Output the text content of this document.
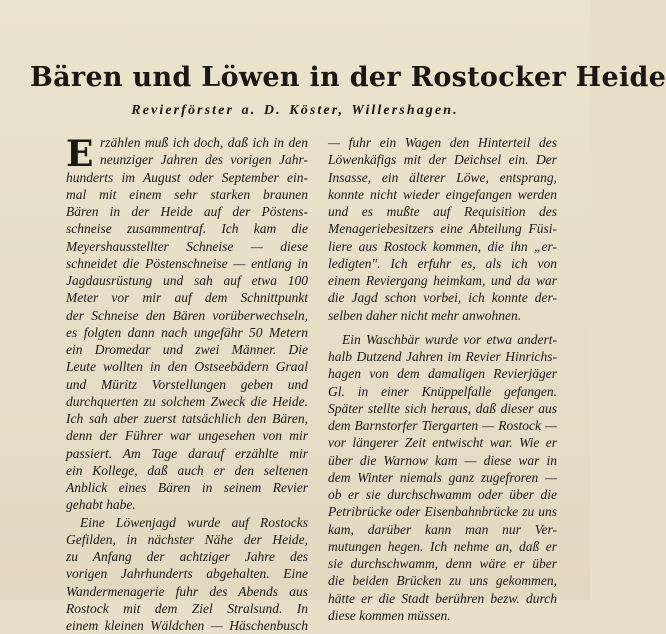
Bären und Löwen in der Rostocker Heide
Revierförster a. D. Köster, Willershagen.
E rzählen muß ich doch, daß ich in den
neunziger Jahren des vorigen Jahr-
hunderts im August oder September ein-
mal mit einem sehr starken braunen
Bären in der Heide auf der Pöstens-
schneise zusammentraf. Ich kam die
Meyershausstellter Schneise — diese
schneidet die Pöstenschneise — entlang in
Jagdausrüstung und sah auf etwa 100
Meter vor mir auf dem Schnittpunkt
der Schneise den Bären vorüberwechseln,
es folgten dann nach ungefähr 50 Metern
ein Dromedar und zwei Männer. Die
Leute wollten in den Ostseebädern Graal
und Müritz Vorstellungen geben und
durchquerten zu solchem Zweck die Heide.
Ich sah aber zuerst tatsächlich den Bären,
denn der Führer war ungesehen von mir
passiert. Am Tage darauf erzählte mir
ein Kollege, daß auch er den seltenen
Anblick eines Bären in seinem Revier
gehabt habe.
Eine Löwenjagd wurde auf Rostocks
Gefilden, in nächster Nähe der Heide,
zu Anfang der achtziger Jahre des
vorigen Jahrhunderts abgehalten. Eine
Wandermenagerie fuhr des Abends aus
Rostock mit dem Ziel Stralsund. In
einem kleinen Wäldchen — Häschenbusch
— fuhr ein Wagen den Hinterteil des
Löwenkäfigs mit der Deichsel ein. Der
Insasse, ein älterer Löwe, entsprang,
konnte nicht wieder eingefangen werden
und es mußte auf Requisition des
Menageriebesitzers eine Abteilung Füsi-
liere aus Rostock kommen, die ihn „er-
ledigten". Ich erfuhr es, als ich von
einem Reviergang heimkam, und da war
die Jagd schon vorbei, ich konnte der-
selben daher nicht mehr anwohnen.
Ein Waschbär wurde vor etwa andert-
halb Dutzend Jahren im Revier Hinrichs-
hagen von dem damaligen Revierjäger
Gl. in einer Knüppelfalle gefangen.
Später stellte sich heraus, daß dieser aus
dem Barnstorfer Tiergarten — Rostock —
vor längerer Zeit entwischt war. Wie er
über die Warnow kam — diese war in
dem Winter niemals ganz zugefroren —
ob er sie durchschwamm oder über die
Petribrücke oder Eisenbahnbrücke zu uns
kam, darüber kann man nur Ver-
mutungen hegen. Ich nehme an, daß er
sie durchschwamm, denn wäre er über
die beiden Brücken zu uns gekommen,
hätte er die Stadt berühren bezw. durch
diese kommen müssen.
